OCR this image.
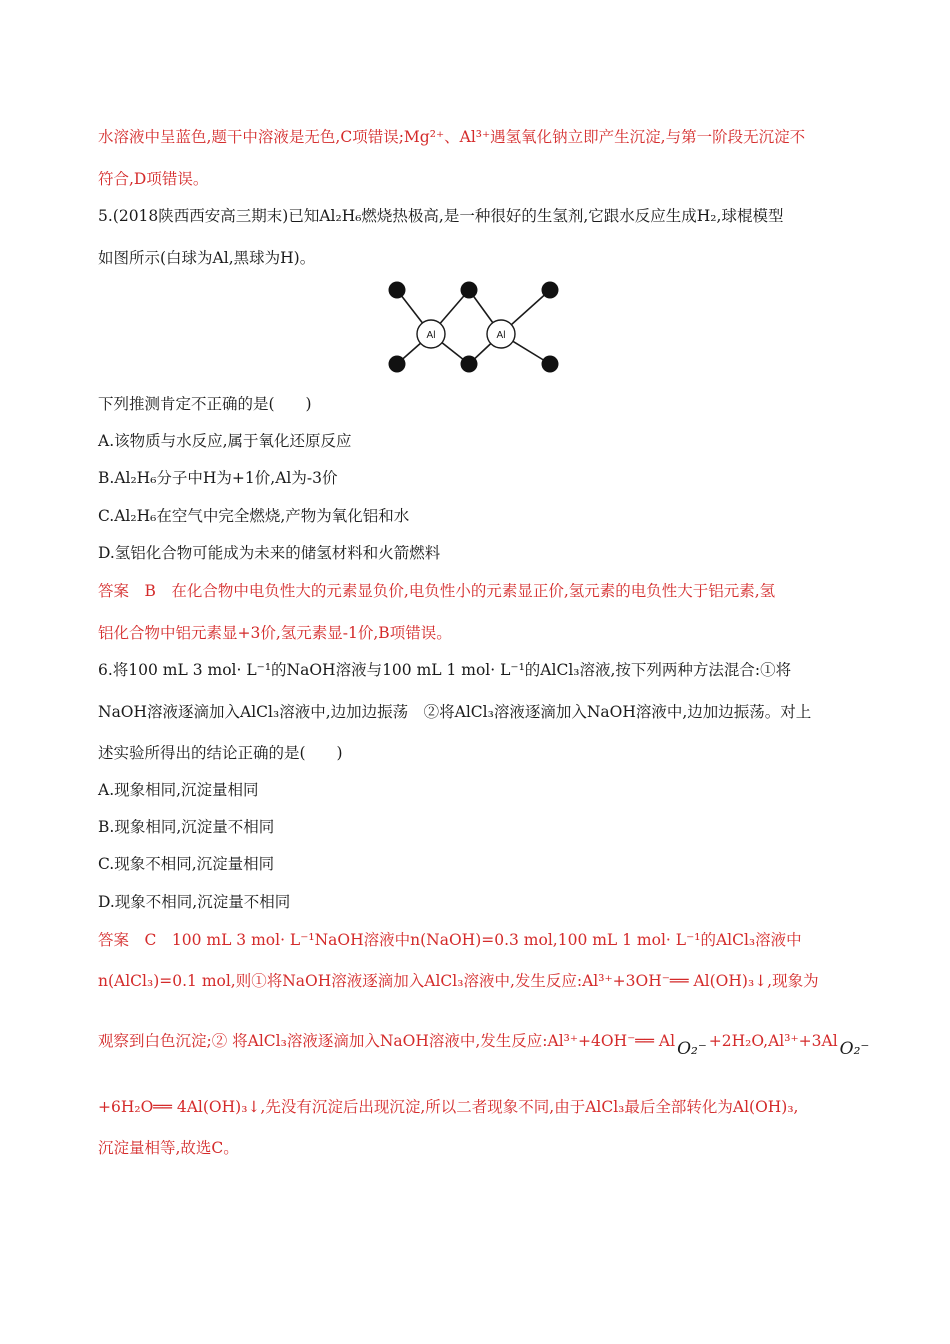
水溶液中呈蓝色,题干中溶液是无色,C项错误;Mg²⁺、Al³⁺遇氢氧化钠立即产生沉淀,与第一阶段无沉淀不
符合,D项错误。
5.(2018陕西西安高三期末)已知Al₂H₆燃烧热极高,是一种很好的生氢剂,它跟水反应生成H₂,球棍模型
如图所示(白球为Al,黑球为H)。
Al	Al
下列推测肯定不正确的是(　　)
A.该物质与水反应,属于氧化还原反应
B.Al₂H₆分子中H为+1价,Al为-3价
C.Al₂H₆在空气中完全燃烧,产物为氧化铝和水
D.氢铝化合物可能成为未来的储氢材料和火箭燃料
答案　B　在化合物中电负性大的元素显负价,电负性小的元素显正价,氢元素的电负性大于铝元素,氢
铝化合物中铝元素显+3价,氢元素显-1价,B项错误。
6.将100 mL 3 mol· L⁻¹的NaOH溶液与100 mL 1 mol· L⁻¹的AlCl₃溶液,按下列两种方法混合:①将
NaOH溶液逐滴加入AlCl₃溶液中,边加边振荡　②将AlCl₃溶液逐滴加入NaOH溶液中,边加边振荡。对上
述实验所得出的结论正确的是(　　)
A.现象相同,沉淀量相同
B.现象相同,沉淀量不相同
C.现象不相同,沉淀量相同
D.现象不相同,沉淀量不相同
答案　C　100 mL 3 mol· L⁻¹NaOH溶液中n(NaOH)=0.3 mol,100 mL 1 mol· L⁻¹的AlCl₃溶液中
n(AlCl₃)=0.1 mol,则①将NaOH溶液逐滴加入AlCl₃溶液中,发生反应:Al³⁺+3OH⁻══ Al(OH)₃↓,现象为
观察到白色沉淀;② 将AlCl₃溶液逐滴加入NaOH溶液中,发生反应:Al³⁺+4OH⁻══ Al O₂⁻ +2H₂O,Al³⁺+3Al O₂⁻
+6H₂O══ 4Al(OH)₃↓,先没有沉淀后出现沉淀,所以二者现象不同,由于AlCl₃最后全部转化为Al(OH)₃,
沉淀量相等,故选C。
